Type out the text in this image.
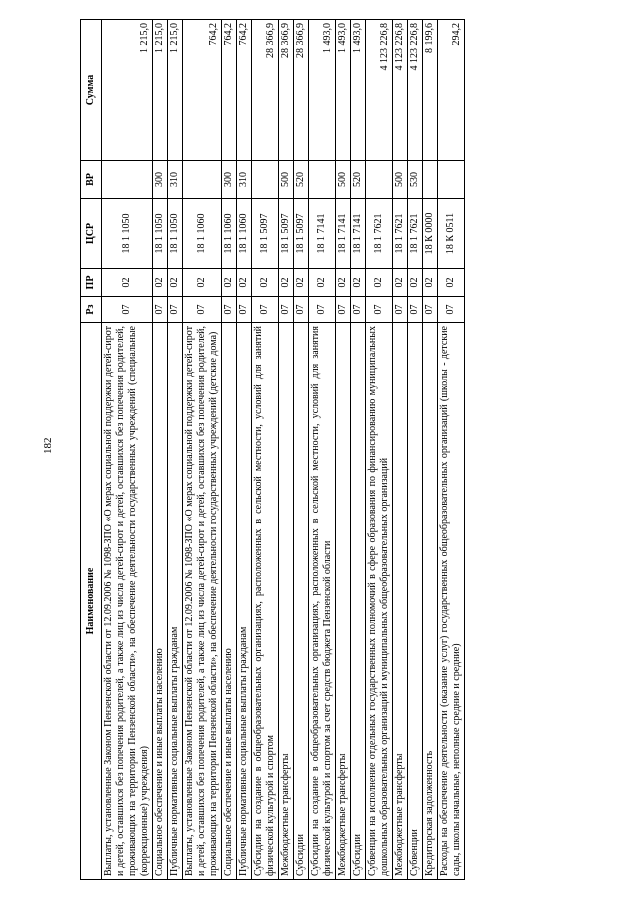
182
Наименование	Рз	ПР	ЦСР	ВР	Сумма
Выплаты, установленные Законом Пензенской области от 12.09.2006 № 1098-ЗПО «О мерах социальной поддержки детей-сирот и детей, оставшихся без попечения родителей, а также лиц из числа детей-сирот и детей, оставшихся без попечения родителей, проживающих на территории Пензенской области», на обеспечение деятельности государственных учреждений (специальные (коррекционные) учреждения)	07	02	18 1 1050		1 215,0
Социальное обеспечение и иные выплаты населению	07	02	18 1 1050	300	1 215,0
Публичные нормативные социальные выплаты гражданам	07	02	18 1 1050	310	1 215,0
Выплаты, установленные Законом Пензенской области от 12.09.2006 № 1098-ЗПО «О мерах социальной поддержки детей-сирот и детей, оставшихся без попечения родителей, а также лиц из числа детей-сирот и детей, оставшихся без попечения родителей, проживающих на территории Пензенской области», на обеспечение деятельности государственных учреждений (детские дома)	07	02	18 1 1060		764,2
Социальное обеспечение и иные выплаты населению	07	02	18 1 1060	300	764,2
Публичные нормативные социальные выплаты гражданам	07	02	18 1 1060	310	764,2
Субсидии на создание в общеобразовательных организациях, расположенных в сельской местности, условий для занятий физической культурой и спортом	07	02	18 1 5097		28 366,9
Межбюджетные трансферты	07	02	18 1 5097	500	28 366,9
Субсидии	07	02	18 1 5097	520	28 366,9
Субсидии на создание в общеобразовательных организациях, расположенных в сельской местности, условий для занятия физической культурой и спортом за счет средств бюджета Пензенской области	07	02	18 1 7141		1 493,0
Межбюджетные трансферты	07	02	18 1 7141	500	1 493,0
Субсидии	07	02	18 1 7141	520	1 493,0
Субвенции на исполнение отдельных государственных полномочий в сфере образования по финансированию муниципальных дошкольных образовательных организаций и муниципальных общеобразовательных организаций	07	02	18 1 7621		4 123 226,8
Межбюджетные трансферты	07	02	18 1 7621	500	4 123 226,8
Субвенции	07	02	18 1 7621	530	4 123 226,8
Кредиторская задолженность	07	02	18 К 0000		8 199,6
Расходы на обеспечение деятельности (оказание услуг) государственных общеобразовательных организаций (школы - детские сады, школы начальные, неполные средние и средние)	07	02	18 К 0511		294,2
